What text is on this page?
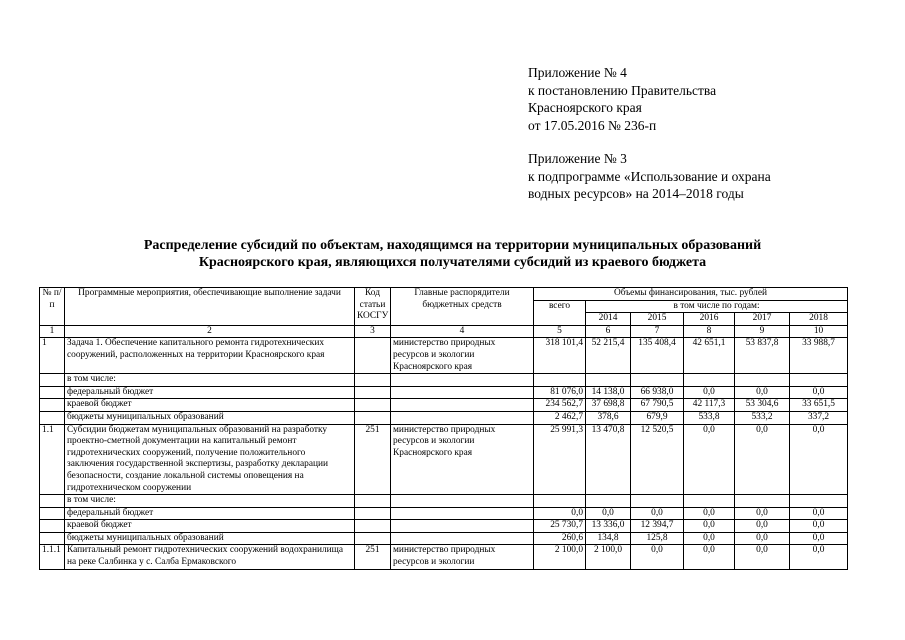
Приложение № 4
к постановлению Правительства
Красноярского края
от 17.05.2016 № 236-п
Приложение № 3
к подпрограмме «Использование и охрана
водных ресурсов» на 2014–2018 годы
Распределение субсидий по объектам, находящимся на территории муниципальных образований
Красноярского края, являющихся получателями субсидий из краевого бюджета
№ п/п	Программные мероприятия, обеспечивающие выполнение задачи	Код статьи КОСГУ	Главные распорядители бюджетных средств	Объемы финансирования, тыс. рублей					
				всего	в том числе по годам:				
					2014	2015	2016	2017	2018
1	2	3	4	5	6	7	8	9	10
1	Задача 1. Обеспечение капитального ремонта гидротехнических сооружений, расположенных на территории Красноярского края		министерство природных ресурсов и экологии Красноярского края	318 101,4	52 215,4	135 408,4	42 651,1	53 837,8	33 988,7
	в том числе:								
	федеральный бюджет			81 076,0	14 138,0	66 938,0	0,0	0,0	0,0
	краевой бюджет			234 562,7	37 698,8	67 790,5	42 117,3	53 304,6	33 651,5
	бюджеты муниципальных образований			2 462,7	378,6	679,9	533,8	533,2	337,2
1.1	Субсидии бюджетам муниципальных образований на разработку проектно-сметной документации на капитальный ремонт гидротехнических сооружений, получение положительного заключения государственной экспертизы, разработку декларации безопасности, создание локальной системы оповещения на гидротехническом сооружении	251	министерство природных ресурсов и экологии Красноярского края	25 991,3	13 470,8	12 520,5	0,0	0,0	0,0
	в том числе:								
	федеральный бюджет			0,0	0,0	0,0	0,0	0,0	0,0
	краевой бюджет			25 730,7	13 336,0	12 394,7	0,0	0,0	0,0
	бюджеты муниципальных образований			260,6	134,8	125,8	0,0	0,0	0,0
1.1.1	Капитальный ремонт гидротехнических сооружений водохранилища на реке Салбинка у с. Салба Ермаковского	251	министерство природных ресурсов и экологии	2 100,0	2 100,0	0,0	0,0	0,0	0,0
